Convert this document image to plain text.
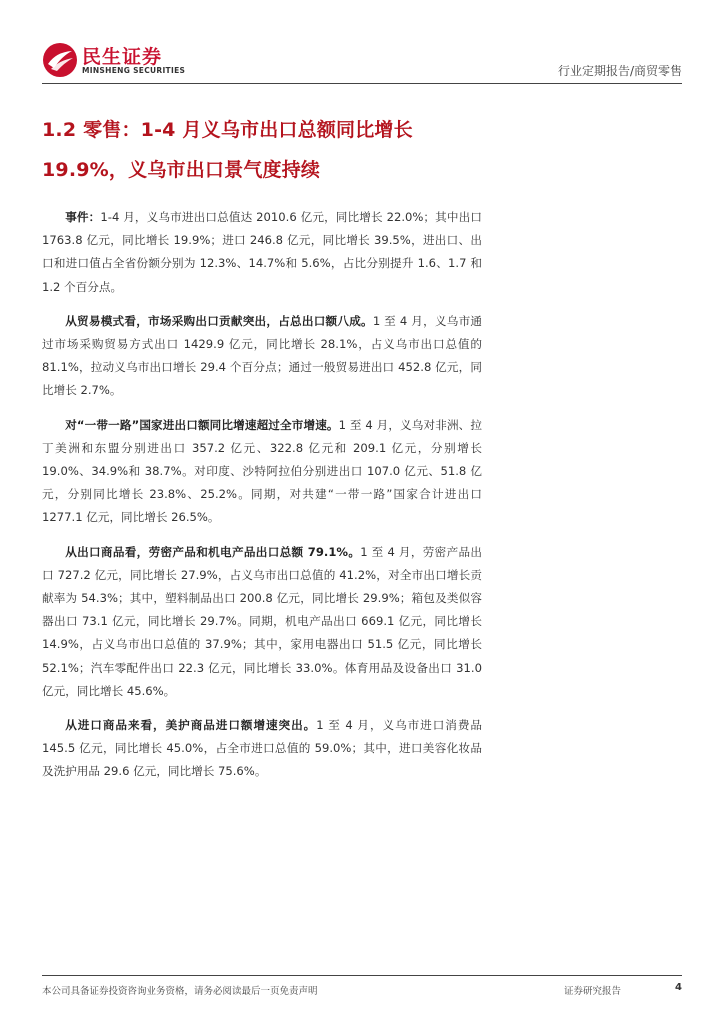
民生证券
MINSHENG SECURITIES	行业定期报告/商贸零售
1.2 零售：1-4 月义乌市出口总额同比增长 19.9%，义乌市出口景气度持续

事件：1-4 月，义乌市进出口总值达 2010.6 亿元，同比增长 22.0%；其中出口 1763.8 亿元，同比增长 19.9%；进口 246.8 亿元，同比增长 39.5%，进出口、出口和进口值占全省份额分别为 12.3%、14.7%和 5.6%，占比分别提升 1.6、1.7 和 1.2 个百分点。

从贸易模式看，市场采购出口贡献突出，占总出口额八成。1 至 4 月，义乌市通过市场采购贸易方式出口 1429.9 亿元，同比增长 28.1%，占义乌市出口总值的 81.1%，拉动义乌市出口增长 29.4 个百分点；通过一般贸易进出口 452.8 亿元，同比增长 2.7%。

对“一带一路”国家进出口额同比增速超过全市增速。1 至 4 月，义乌对非洲、拉丁美洲和东盟分别进出口 357.2 亿元、322.8 亿元和 209.1 亿元，分别增长 19.0%、34.9%和 38.7%。对印度、沙特阿拉伯分别进出口 107.0 亿元、51.8 亿元，分别同比增长 23.8%、25.2%。同期，对共建“一带一路”国家合计进出口 1277.1 亿元，同比增长 26.5%。

从出口商品看，劳密产品和机电产品出口总额 79.1%。1 至 4 月，劳密产品出口 727.2 亿元，同比增长 27.9%，占义乌市出口总值的 41.2%，对全市出口增长贡献率为 54.3%；其中，塑料制品出口 200.8 亿元，同比增长 29.9%；箱包及类似容器出口 73.1 亿元，同比增长 29.7%。同期，机电产品出口 669.1 亿元，同比增长 14.9%，占义乌市出口总值的 37.9%；其中，家用电器出口 51.5 亿元，同比增长 52.1%；汽车零配件出口 22.3 亿元，同比增长 33.0%。体育用品及设备出口 31.0 亿元，同比增长 45.6%。

从进口商品来看，美护商品进口额增速突出。1 至 4 月，义乌市进口消费品 145.5 亿元，同比增长 45.0%，占全市进口总值的 59.0%；其中，进口美容化妆品及洗护用品 29.6 亿元，同比增长 75.6%。

本公司具备证券投资咨询业务资格，请务必阅读最后一页免责声明	证券研究报告	4
